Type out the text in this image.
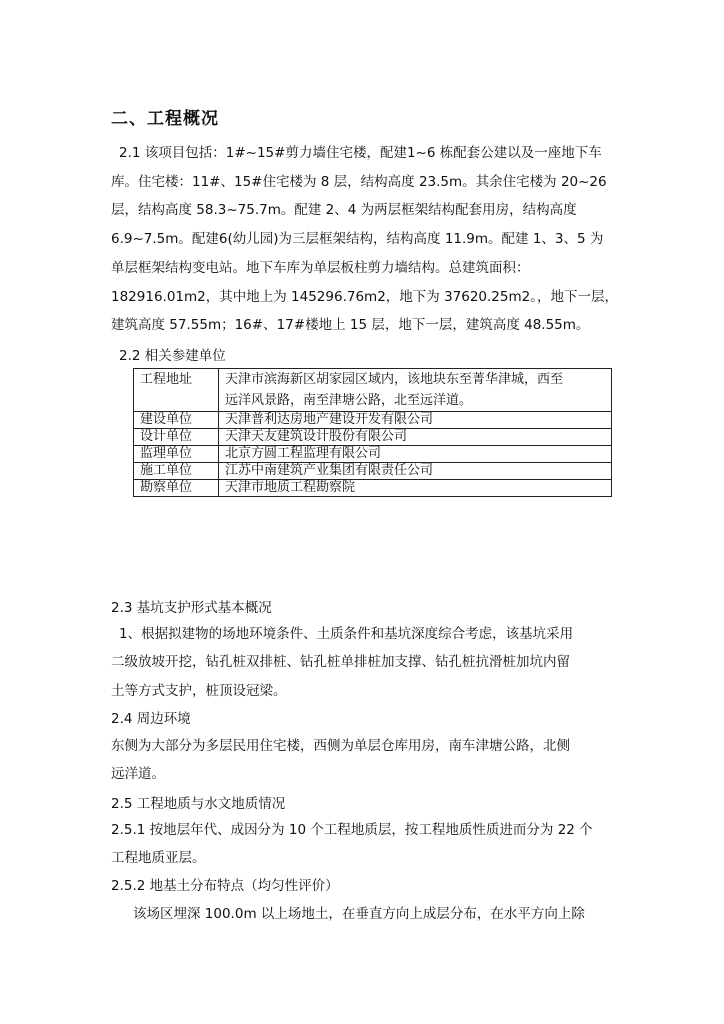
二、工程概况
2.1 该项目包括：1#~15#剪力墙住宅楼，配建1~6 栋配套公建以及一座地下车
库。住宅楼：11#、15#住宅楼为 8 层，结构高度 23.5m。其余住宅楼为 20~26
层，结构高度 58.3~75.7m。配建 2、4 为两层框架结构配套用房，结构高度
6.9~7.5m。配建6(幼儿园)为三层框架结构，结构高度 11.9m。配建 1、3、5 为
单层框架结构变电站。地下车库为单层板柱剪力墙结构。总建筑面积：
182916.01m2，其中地上为 145296.76m2，地下为 37620.25m2。，地下一层，
建筑高度 57.55m；16#、17#楼地上 15 层，地下一层，建筑高度 48.55m。
2.2 相关参建单位
工程地址	天津市滨海新区胡家园区域内，该地块东至菁华津城，西至
远洋风景路，南至津塘公路，北至远洋道。
建设单位	天津普利达房地产建设开发有限公司
设计单位	天津天友建筑设计股份有限公司
监理单位	北京方圆工程监理有限公司
施工单位	江苏中南建筑产业集团有限责任公司
勘察单位	天津市地质工程勘察院
2.3 基坑支护形式基本概况
1、根据拟建物的场地环境条件、土质条件和基坑深度综合考虑，该基坑采用
二级放坡开挖，钻孔桩双排桩、钻孔桩单排桩加支撑、钻孔桩抗滑桩加坑内留
土等方式支护，桩顶设冠梁。
2.4 周边环境
东侧为大部分为多层民用住宅楼，西侧为单层仓库用房，南车津塘公路，北侧
远洋道。
2.5 工程地质与水文地质情况
2.5.1 按地层年代、成因分为 10 个工程地质层，按工程地质性质进而分为 22 个
工程地质亚层。
2.5.2 地基土分布特点（均匀性评价）
该场区埋深 100.0m 以上场地土，在垂直方向上成层分布，在水平方向上除
